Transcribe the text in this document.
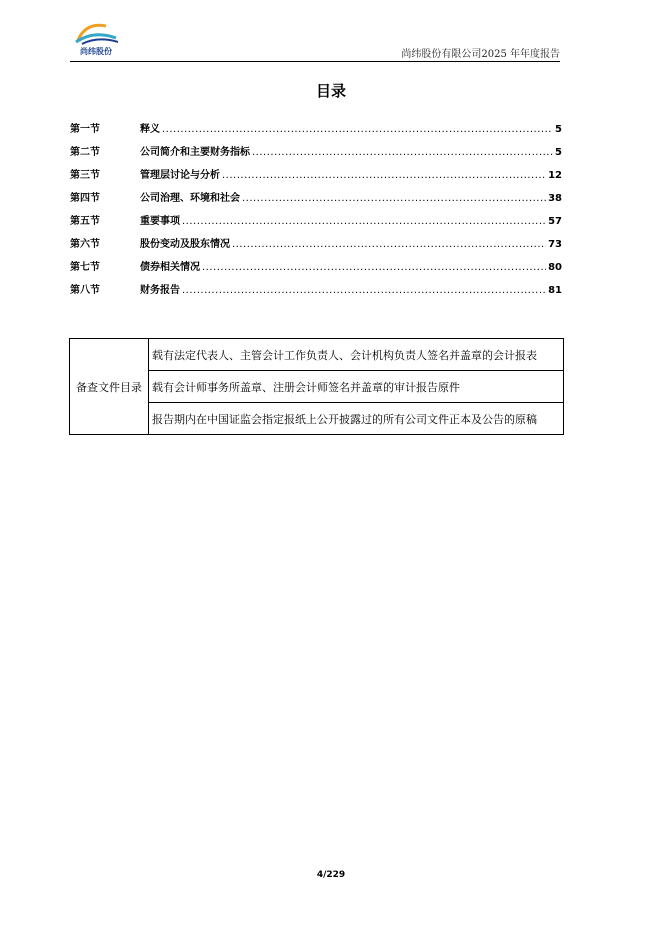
尚纬股份	尚纬股份有限公司2025 年年度报告
目录
第一节	释义 .....	5
第二节	公司简介和主要财务指标 .....	5
第三节	管理层讨论与分析 .....	12
第四节	公司治理、环境和社会 .....	38
第五节	重要事项 .....	57
第六节	股份变动及股东情况 .....	73
第七节	债券相关情况 .....	80
第八节	财务报告 .....	81
备查文件目录	载有法定代表人、主管会计工作负责人、会计机构负责人签名并盖章的会计报表
载有会计师事务所盖章、注册会计师签名并盖章的审计报告原件
报告期内在中国证监会指定报纸上公开披露过的所有公司文件正本及公告的原稿
4/229
